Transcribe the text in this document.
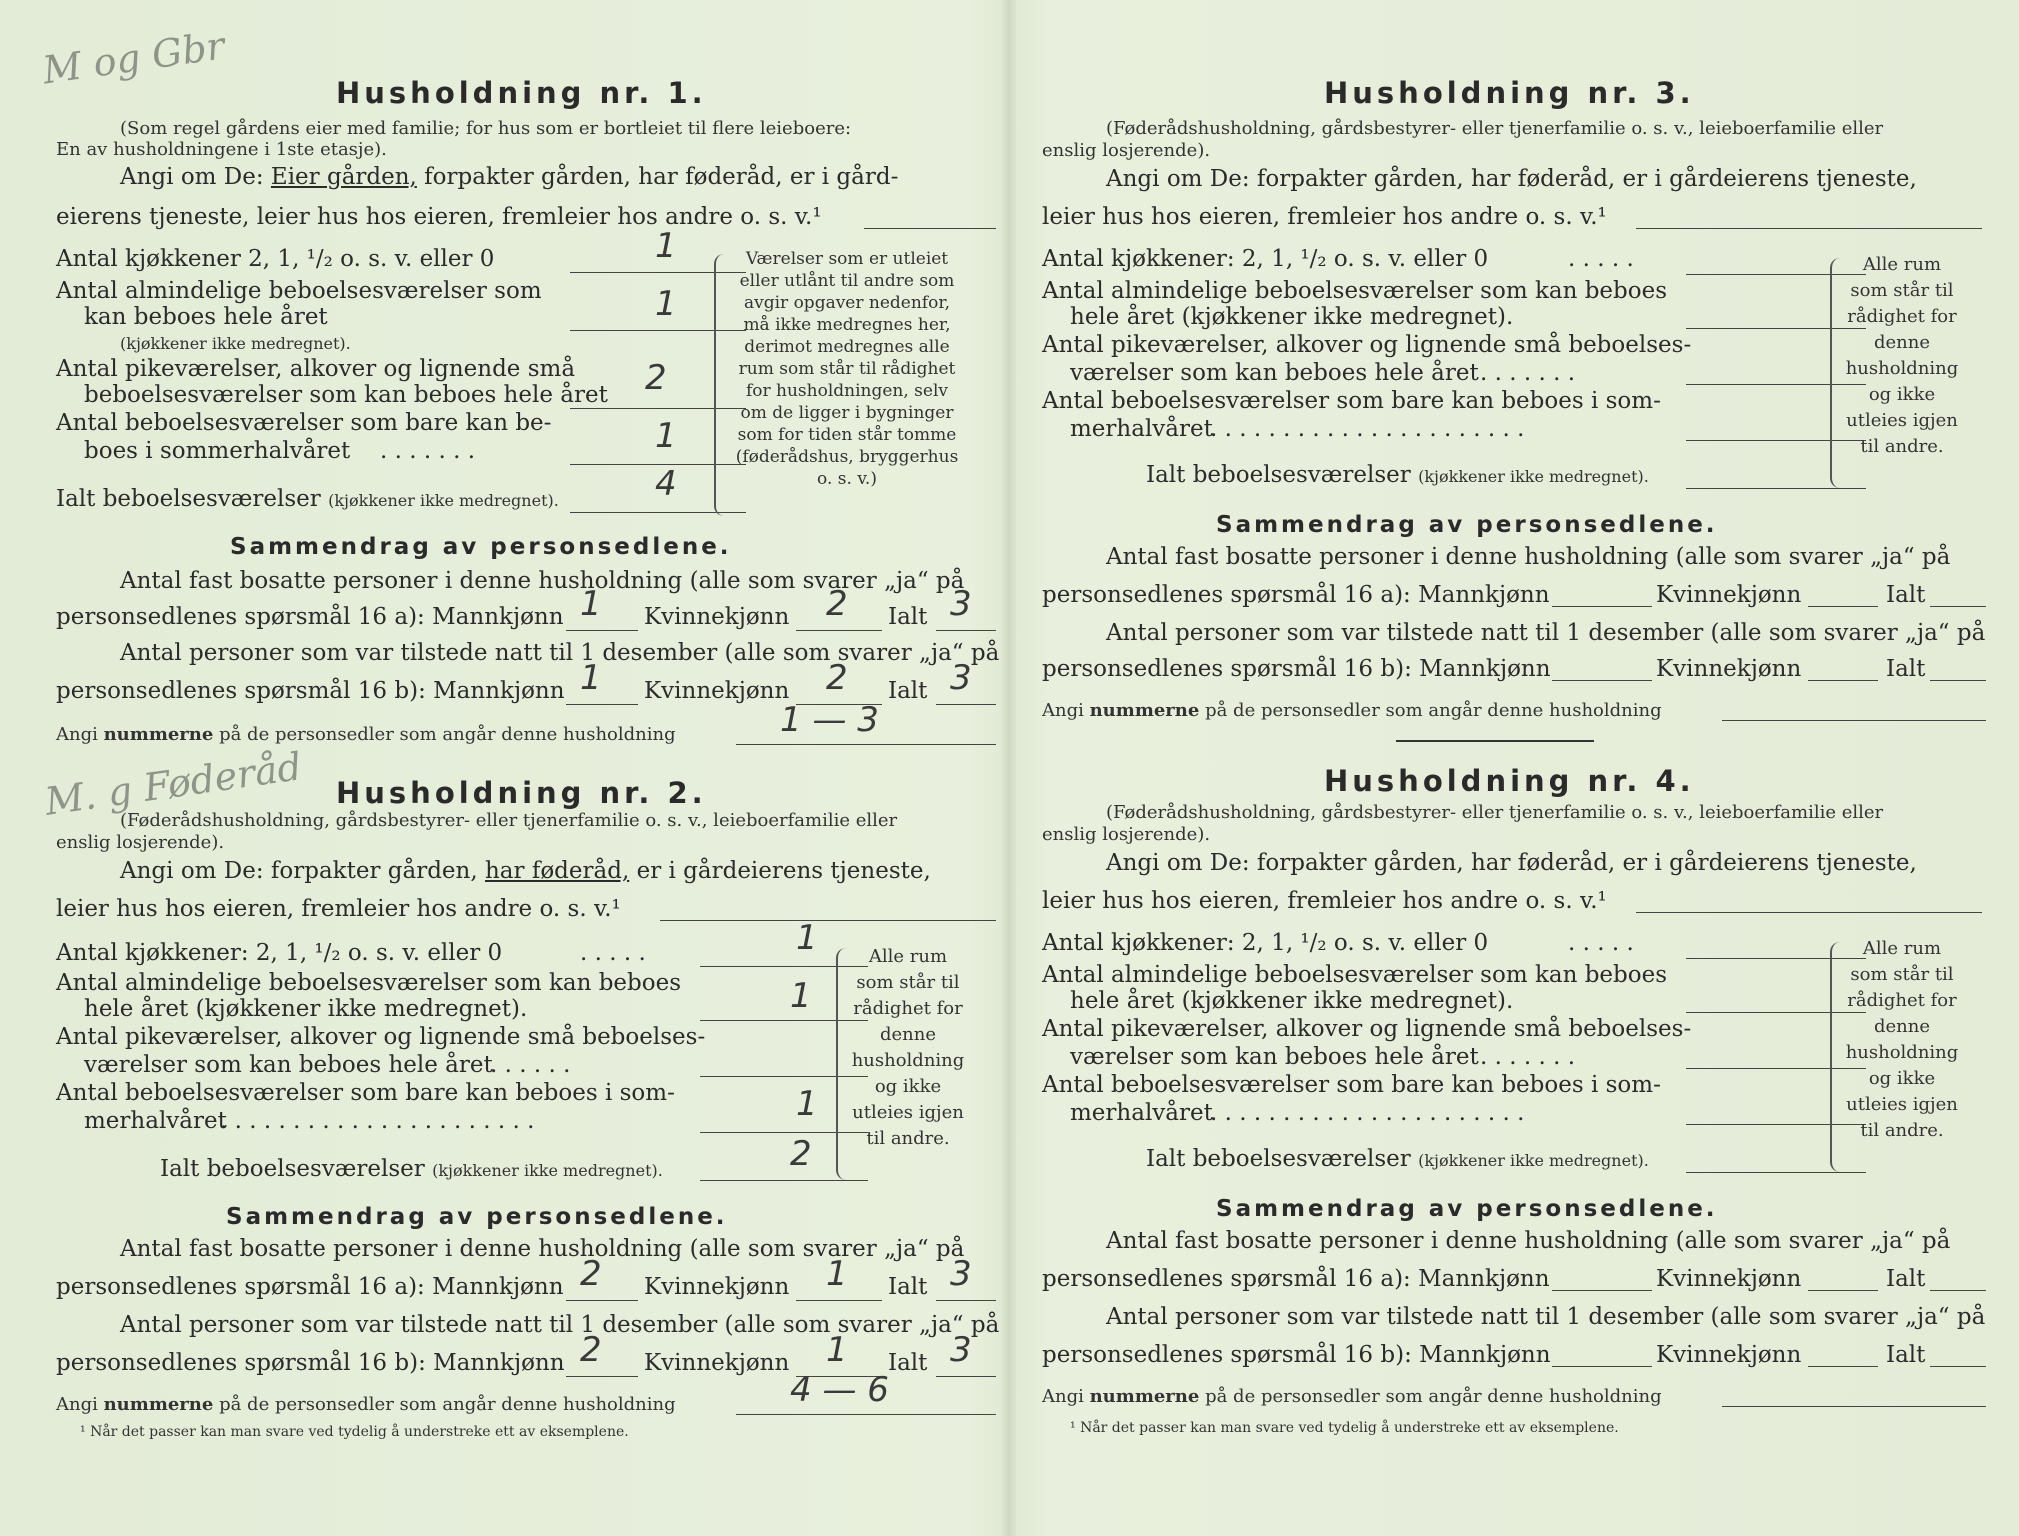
M og Gbr
Husholdning nr. 1.
(Som regel gårdens eier med familie; for hus som er bortleiet til flere leieboere:
En av husholdningene i 1ste etasje).
Angi om De: Eier gården, forpakter gården, har føderåd, er i gård-
eierens tjeneste, leier hus hos eieren, fremleier hos andre o. s. v.¹
Antal kjøkkener 2, 1, ¹/₂ o. s. v. eller 0	1
Antal almindelige beboelsesværelser som
kan beboes hele året
(kjøkkener ikke medregnet).
1
Antal pikeværelser, alkover og lignende små
beboelsesværelser som kan beboes hele året 2
Antal beboelsesværelser som bare kan be-
boes i sommerhalvåret . . . . . . .	1
Ialt beboelsesværelser (kjøkkener ikke medregnet).	4
Værelser som er utleiet eller utlånt til andre som avgir opgaver nedenfor, må ikke medregnes her, derimot medregnes alle rum som står til rådighet for husholdningen, selv om de ligger i bygninger som for tiden står tomme (føderådshus, bryggerhus o. s. v.)
Sammendrag av personsedlene.
Antal fast bosatte personer i denne husholdning (alle som svarer „ja“ på
personsedlenes spørsmål 16 a): Mannkjønn 1 Kvinnekjønn 2 Ialt 3
Antal personer som var tilstede natt til 1 desember (alle som svarer „ja“ på
personsedlenes spørsmål 16 b): Mannkjønn 1 Kvinnekjønn 2 Ialt 3
Angi nummerne på de personsedler som angår denne husholdning	1 — 3
M. g Føderåd Husholdning nr. 2.
(Føderådshusholdning, gårdsbestyrer- eller tjenerfamilie o. s. v., leieboerfamilie eller
enslig losjerende).
Angi om De: forpakter gården, har føderåd, er i gårdeierens tjeneste,
leier hus hos eieren, fremleier hos andre o. s. v.¹
Antal kjøkkener: 2, 1, ¹/₂ o. s. v. eller 0	. . . . .	1
Antal almindelige beboelsesværelser som kan beboes
hele året (kjøkkener ikke medregnet).	1
Antal pikeværelser, alkover og lignende små beboelses-
værelser som kan beboes hele året
. . . . . .
Antal beboelsesværelser som bare kan beboes i som-
merhalvåret
. . . . . . . . . . . . . . . . . . . . . .	1
Ialt beboelsesværelser (kjøkkener ikke medregnet).	2
Alle rum som står til rådighet for denne husholdning og ikke utleies igjen til andre.
Sammendrag av personsedlene.
Antal fast bosatte personer i denne husholdning (alle som svarer „ja“ på
personsedlenes spørsmål 16 a): Mannkjønn 2 Kvinnekjønn 1 Ialt 3
Antal personer som var tilstede natt til 1 desember (alle som svarer „ja“ på
personsedlenes spørsmål 16 b): Mannkjønn 2 Kvinnekjønn 1 Ialt 3
Angi nummerne på de personsedler som angår denne husholdning	4 — 6
¹ Når det passer kan man svare ved tydelig å understreke ett av eksemplene.
Husholdning nr. 3.
(Føderådshusholdning, gårdsbestyrer- eller tjenerfamilie o. s. v., leieboerfamilie eller
enslig losjerende).
Angi om De: forpakter gården, har føderåd, er i gårdeierens tjeneste,
leier hus hos eieren, fremleier hos andre o. s. v.¹
Antal kjøkkener: 2, 1, ¹/₂ o. s. v. eller 0	. . . . .
Antal almindelige beboelsesværelser som kan beboes
hele året (kjøkkener ikke medregnet).
Antal pikeværelser, alkover og lignende små beboelses-
værelser som kan beboes hele året . . . . . . .
Antal beboelsesværelser som bare kan beboes i som-
merhalvåret
. . . . . . . . . . . . . . . . . . . . . .
Ialt beboelsesværelser (kjøkkener ikke medregnet).
Alle rum som står til rådighet for denne husholdning og ikke utleies igjen til andre.
Sammendrag av personsedlene.
Antal fast bosatte personer i denne husholdning (alle som svarer „ja“ på
personsedlenes spørsmål 16 a): Mannkjønn	Kvinnekjønn	Ialt
Antal personer som var tilstede natt til 1 desember (alle som svarer „ja“ på
personsedlenes spørsmål 16 b): Mannkjønn	Kvinnekjønn	Ialt
Angi nummerne på de personsedler som angår denne husholdning
Husholdning nr. 4.
(Føderådshusholdning, gårdsbestyrer- eller tjenerfamilie o. s. v., leieboerfamilie eller
enslig losjerende).
Angi om De: forpakter gården, har føderåd, er i gårdeierens tjeneste,
leier hus hos eieren, fremleier hos andre o. s. v.¹
Antal kjøkkener: 2, 1, ¹/₂ o. s. v. eller 0	. . . . .
Antal almindelige beboelsesværelser som kan beboes
hele året (kjøkkener ikke medregnet).
Antal pikeværelser, alkover og lignende små beboelses-
værelser som kan beboes hele året . . . . . . .
Antal beboelsesværelser som bare kan beboes i som-
merhalvåret
. . . . . . . . . . . . . . . . . . . . . .
Ialt beboelsesværelser (kjøkkener ikke medregnet).
Alle rum som står til rådighet for denne husholdning og ikke utleies igjen til andre.
Sammendrag av personsedlene.
Antal fast bosatte personer i denne husholdning (alle som svarer „ja“ på
personsedlenes spørsmål 16 a): Mannkjønn	Kvinnekjønn	Ialt
Antal personer som var tilstede natt til 1 desember (alle som svarer „ja“ på
personsedlenes spørsmål 16 b): Mannkjønn	Kvinnekjønn	Ialt
Angi nummerne på de personsedler som angår denne husholdning
¹ Når det passer kan man svare ved tydelig å understreke ett av eksemplene.
